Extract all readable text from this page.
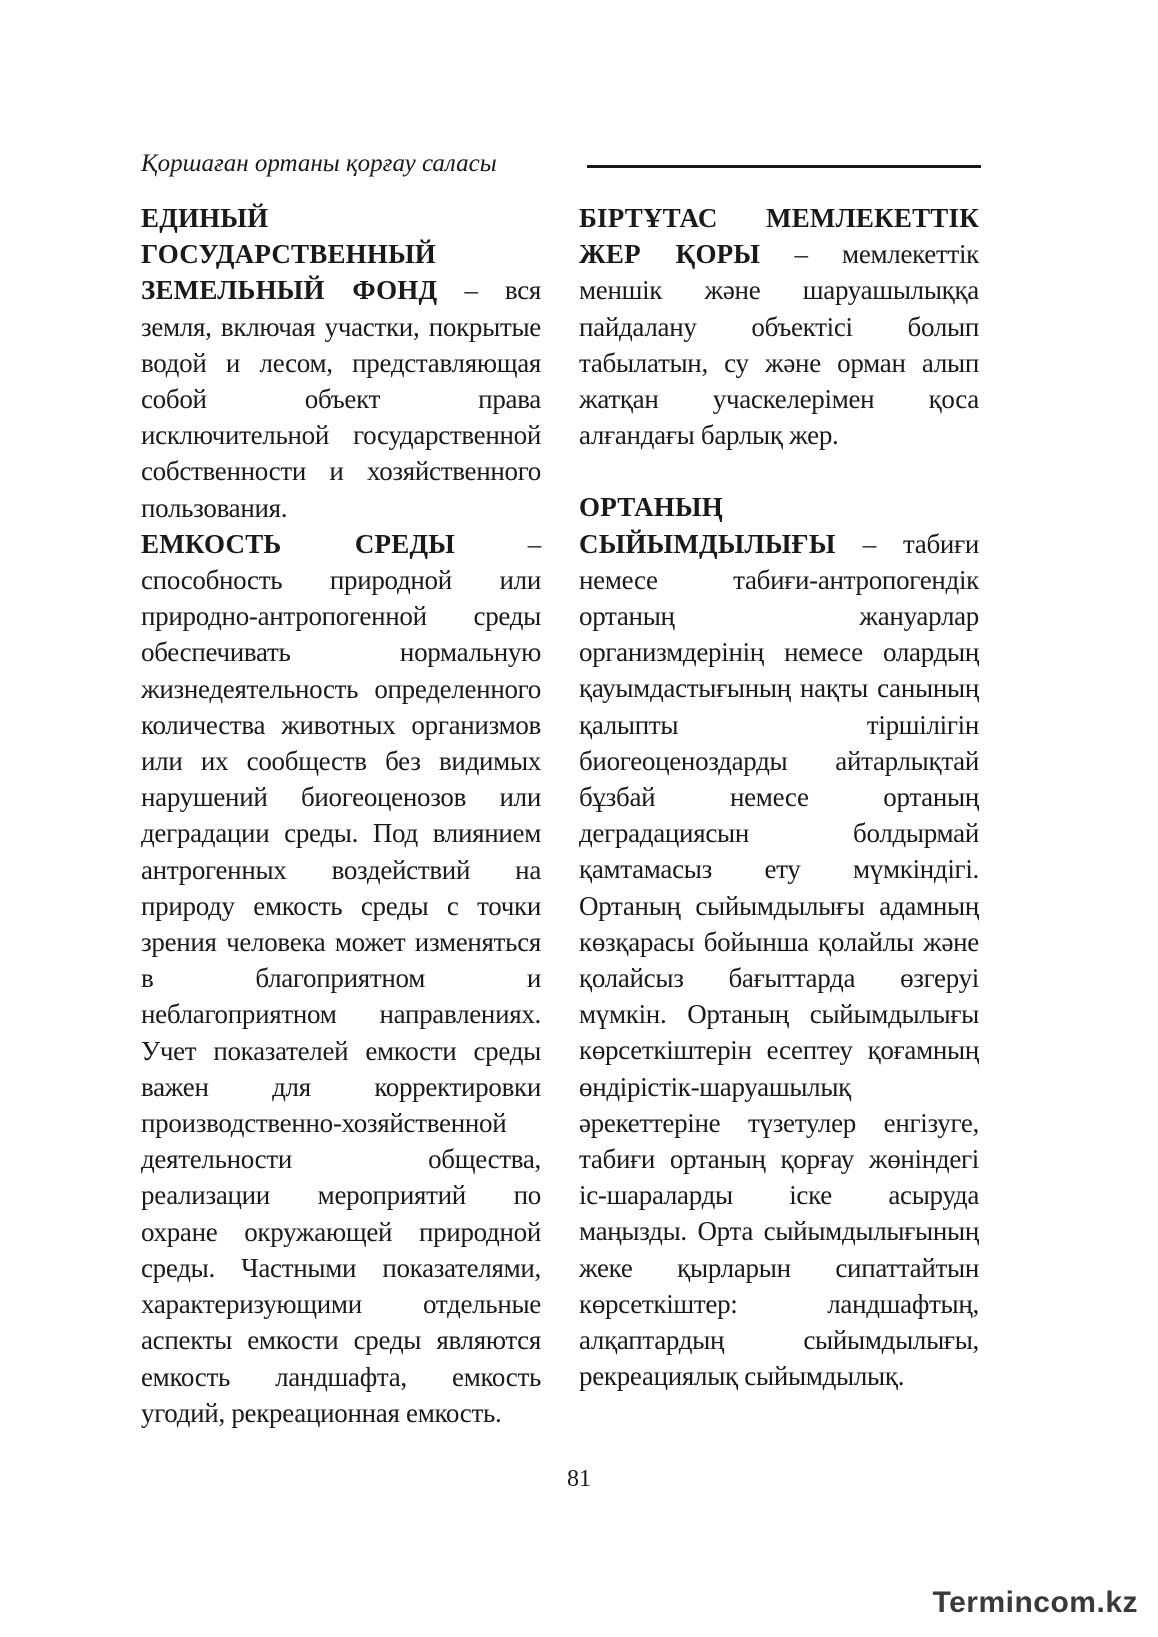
Қоршаған ортаны қорғау саласы

ЕДИНЫЙ ГОСУДАРСТВЕННЫЙ ЗЕМЕЛЬНЫЙ ФОНД – вся земля, включая участки, покрытые водой и лесом, представляющая собой объект права исключительной государственной собственности и хозяйственного пользования.

ЕМКОСТЬ СРЕДЫ – способность природной или природно-антропогенной среды обеспечивать нормальную жизнедеятельность определенного количества животных организмов или их сообществ без видимых нарушений биогеоценозов или деградации среды. Под влиянием антрогенных воздействий на природу емкость среды с точки зрения человека может изменяться в благоприятном и неблагоприятном направлениях. Учет показателей емкости среды важен для корректировки производственно-хозяйственной деятельности общества, реализации мероприятий по охране окружающей природной среды. Частными показателями, характеризующими отдельные аспекты емкости среды являются емкость ландшафта, емкость угодий, рекреационная емкость.

БІРТҰТАС МЕМЛЕКЕТТІК ЖЕР ҚОРЫ – мемлекеттік меншік және шаруашылыққа пайдалану объектісі болып табылатын, су және орман алып жатқан учаскелерімен қоса алғандағы барлық жер.

ОРТАНЫҢ СЫЙЫМДЫЛЫҒЫ – табиғи немесе табиғи-антропогендік ортаның жануарлар организмдерінің немесе олардың қауымдастығының нақты санының қалыпты тіршілігін биогеоценоздарды айтарлықтай бұзбай немесе ортаның деградациясын болдырмай қамтамасыз ету мүмкіндігі. Ортаның сыйымдылығы адамның көзқарасы бойынша қолайлы және қолайсыз бағыттарда өзгеруі мүмкін. Ортаның сыйымдылығы көрсеткіштерін есептеу қоғамның өндірістік-шаруашылық әрекеттеріне түзетулер енгізуге, табиғи ортаның қорғау жөніндегі іс-шараларды іске асыруда маңызды. Орта сыйымдылығының жеке қырларын сипаттайтын көрсеткіштер: ландшафтың, алқаптардың сыйымдылығы, рекреациялық сыйымдылық.

81
Termincom.kz
